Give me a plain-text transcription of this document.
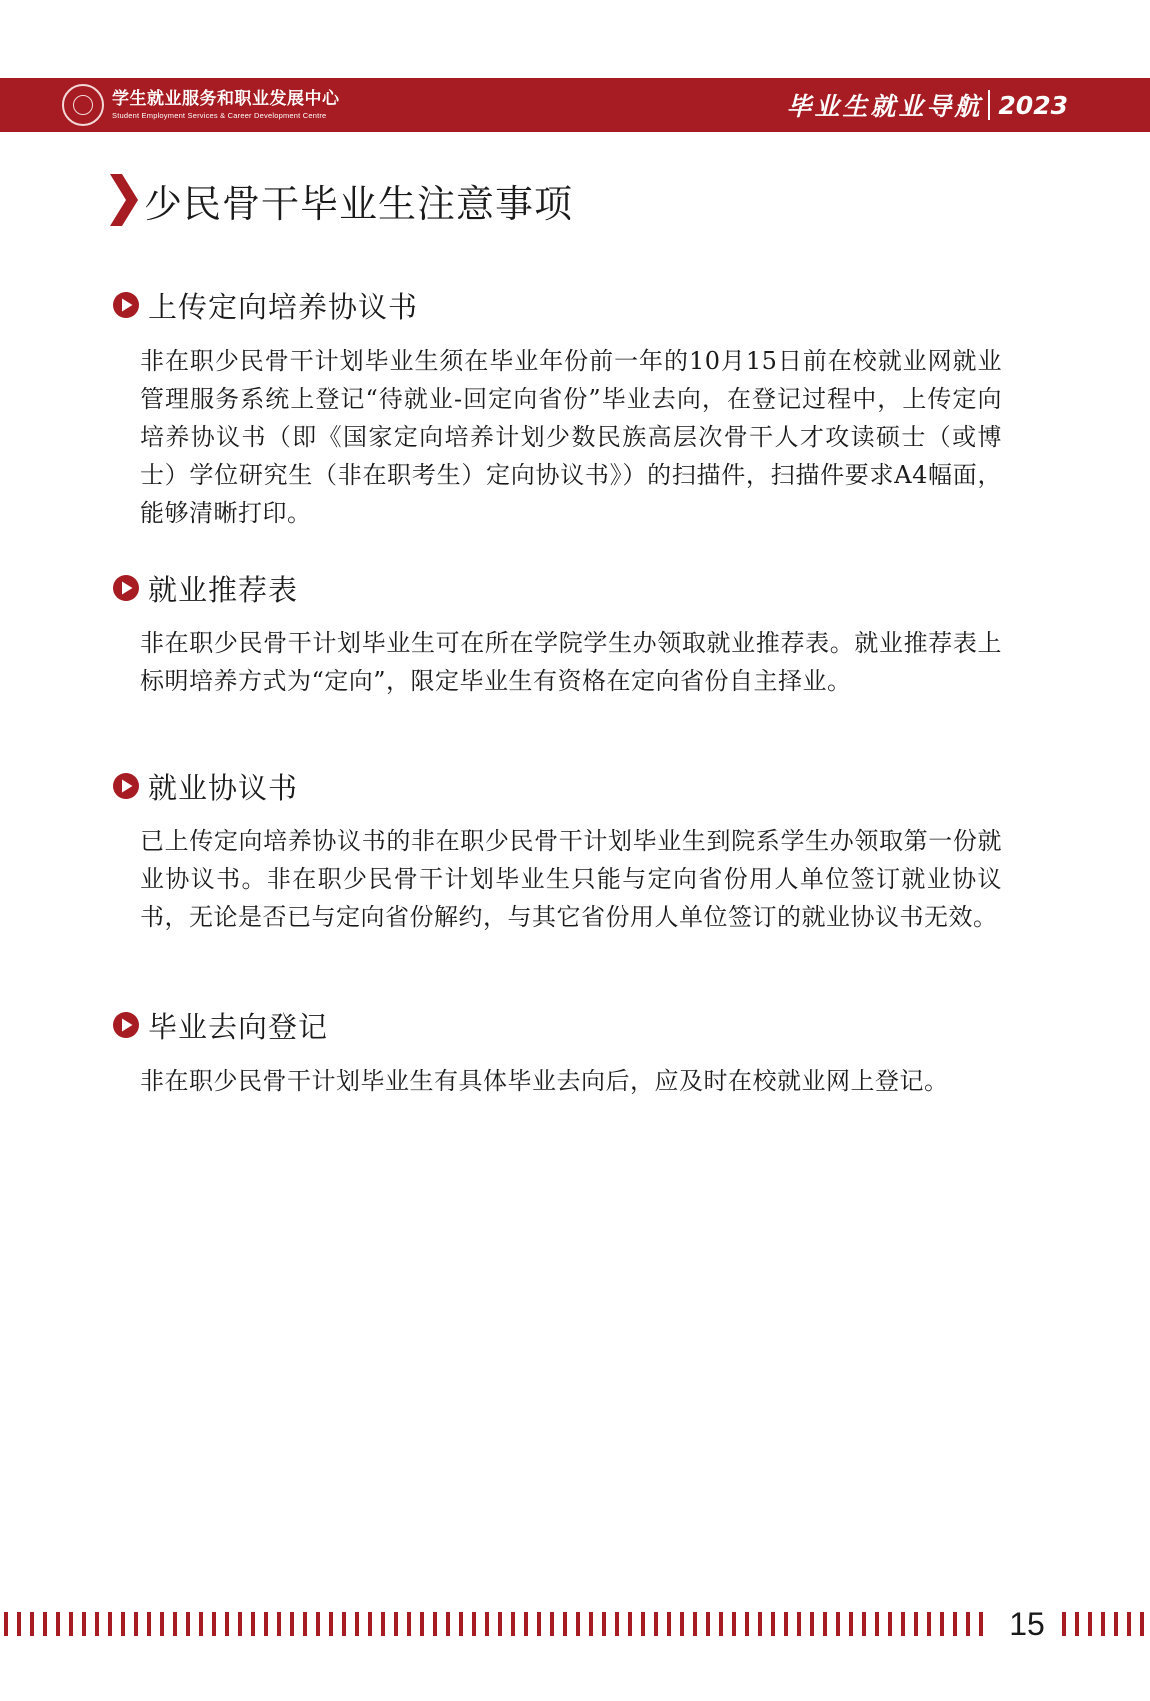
学生就业服务和职业发展中心
Student Employment Services & Career Development Centre	毕业生就业导航 2023
少民骨干毕业生注意事项
上传定向培养协议书

非在职少民骨干计划毕业生须在毕业年份前一年的10月15日前在校就业网就业管理服务系统上登记“待就业-回定向省份”毕业去向，在登记过程中，上传定向培养协议书（即《国家定向培养计划少数民族高层次骨干人才攻读硕士（或博士）学位研究生（非在职考生）定向协议书》）的扫描件，扫描件要求A4幅面，能够清晰打印。

就业推荐表

非在职少民骨干计划毕业生可在所在学院学生办领取就业推荐表。就业推荐表上标明培养方式为“定向”，限定毕业生有资格在定向省份自主择业。

就业协议书

已上传定向培养协议书的非在职少民骨干计划毕业生到院系学生办领取第一份就业协议书。非在职少民骨干计划毕业生只能与定向省份用人单位签订就业协议书，无论是否已与定向省份解约，与其它省份用人单位签订的就业协议书无效。

毕业去向登记

非在职少民骨干计划毕业生有具体毕业去向后，应及时在校就业网上登记。

15
